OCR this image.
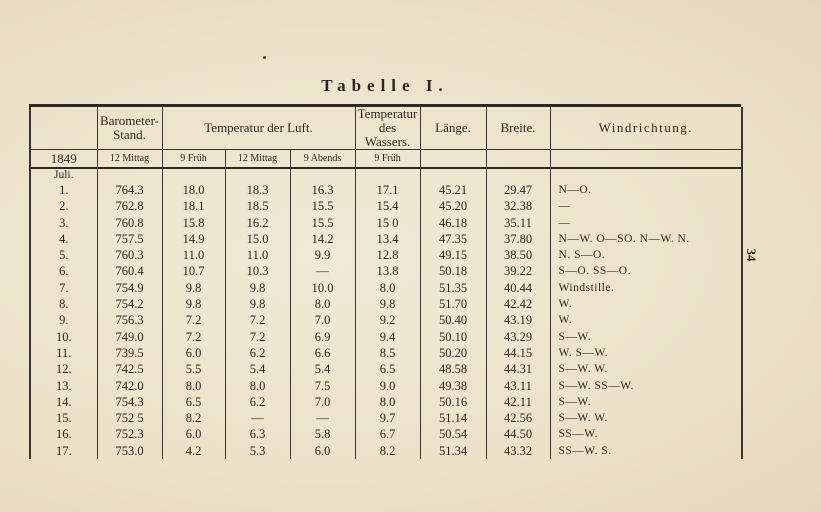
Tabelle I.
34
	Barometer-Stand.	Temperatur der Luft.			Temperatur des Wassers.	Länge.	Breite.	Windrichtung.
1849	12 Mittag	9 Früh	12 Mittag	9 Abends	9 Früh			
Juli.								
1.	764.3	18.0	18.3	16.3	17.1	45.21	29.47	N—O.
2.	762.8	18.1	18.5	15.5	15.4	45.20	32.38	—
3.	760.8	15.8	16.2	15.5	15 0	46.18	35.11	—
4.	757.5	14.9	15.0	14.2	13.4	47.35	37.80	N—W. O—SO. N—W. N.
5.	760.3	11.0	11.0	9.9	12.8	49.15	38.50	N. S—O.
6.	760.4	10.7	10.3	—	13.8	50.18	39.22	S—O. SS—O.
7.	754.9	9.8	9.8	10.0	8.0	51.35	40.44	Windstille.
8.	754.2	9.8	9.8	8.0	9.8	51.70	42.42	W.
9.	756.3	7.2	7.2	7.0	9.2	50.40	43.19	W.
10.	749.0	7.2	7.2	6.9	9.4	50.10	43.29	S—W.
11.	739.5	6.0	6.2	6.6	8.5	50.20	44.15	W. S—W.
12.	742.5	5.5	5.4	5.4	6.5	48.58	44.31	S—W. W.
13.	742.0	8.0	8.0	7.5	9.0	49.38	43.11	S—W. SS—W.
14.	754.3	6.5	6.2	7.0	8.0	50.16	42.11	S—W.
15.	752 5	8.2	—	—	9.7	51.14	42.56	S—W. W.
16.	752.3	6.0	6.3	5.8	6.7	50.54	44.50	SS—W.
17.	753.0	4.2	5.3	6.0	8.2	51.34	43.32	SS—W. S.
